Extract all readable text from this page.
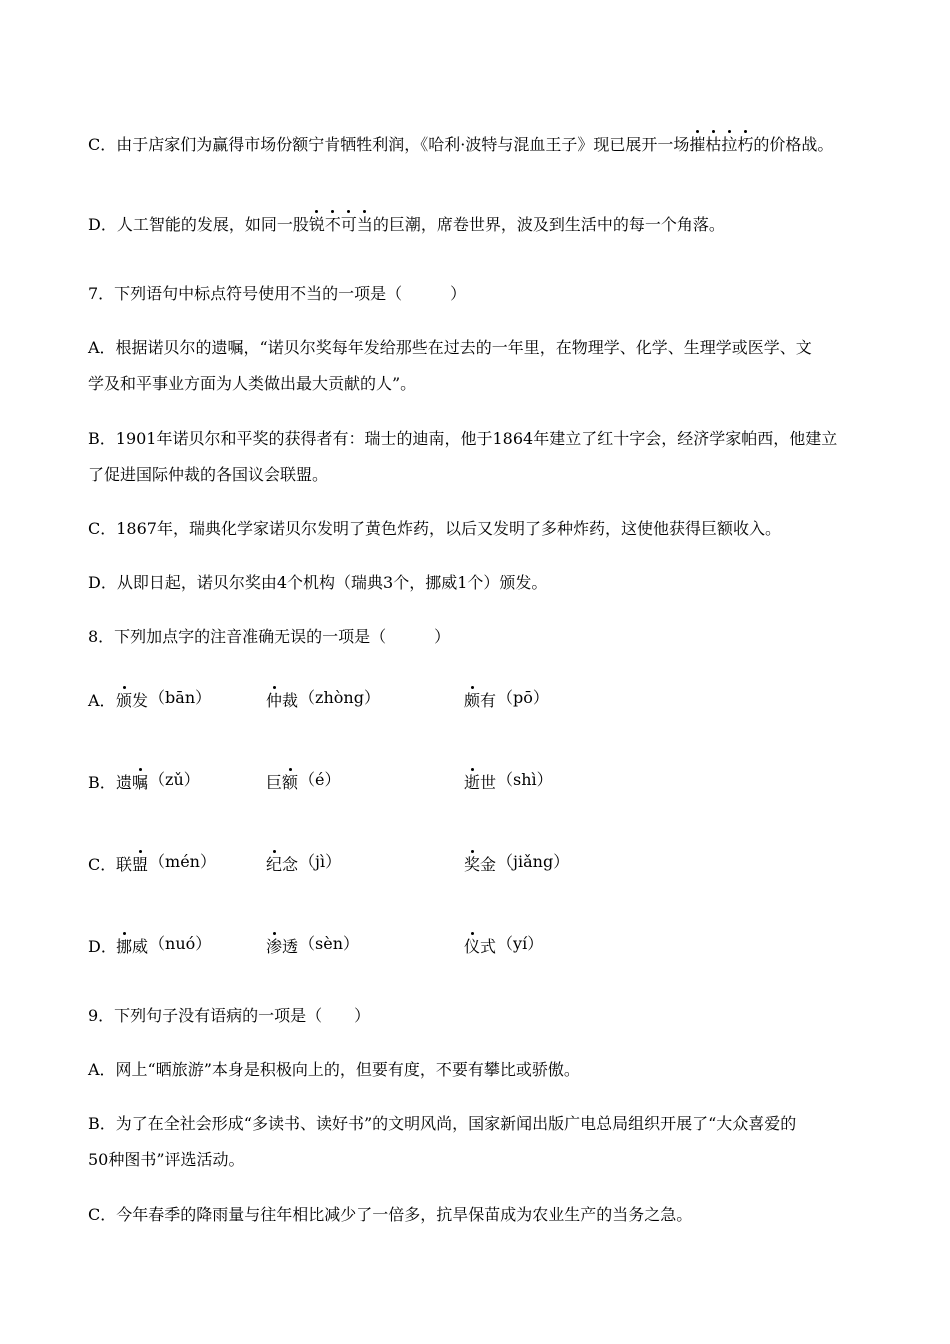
C．由于店家们为赢得市场份额宁肯牺牲利润，《哈利·波特与混血王子》现已展开一场摧枯拉朽的价格战。
D．人工智能的发展，如同一股锐不可当的巨潮，席卷世界，波及到生活中的每一个角落。
7．下列语句中标点符号使用不当的一项是（　　　）
A．根据诺贝尔的遗嘱，“诺贝尔奖每年发给那些在过去的一年里，在物理学、化学、生理学或医学、文
学及和平事业方面为人类做出最大贡献的人”。
B．1901年诺贝尔和平奖的获得者有：瑞士的迪南，他于1864年建立了红十字会，经济学家帕西，他建立
了促进国际仲裁的各国议会联盟。
C．1867年，瑞典化学家诺贝尔发明了黄色炸药，以后又发明了多种炸药，这使他获得巨额收入。
D．从即日起，诺贝尔奖由4个机构（瑞典3个，挪威1个）颁发。
8．下列加点字的注音准确无误的一项是（　　　）
A． 颁发（bān）	仲裁（zhòng）	颇有（pō）
B． 遗嘱（zǔ）	巨额（é）	逝世（shì）
C． 联盟（mén）	纪念（jì）	奖金（jiǎng）
D． 挪威（nuó）	渗透（sèn）	仪式（yí）
9．下列句子没有语病的一项是（　　）
A．网上“晒旅游”本身是积极向上的，但要有度，不要有攀比或骄傲。
B．为了在全社会形成“多读书、读好书”的文明风尚，国家新闻出版广电总局组织开展了“大众喜爱的
50种图书”评选活动。
C．今年春季的降雨量与往年相比减少了一倍多，抗旱保苗成为农业生产的当务之急。
